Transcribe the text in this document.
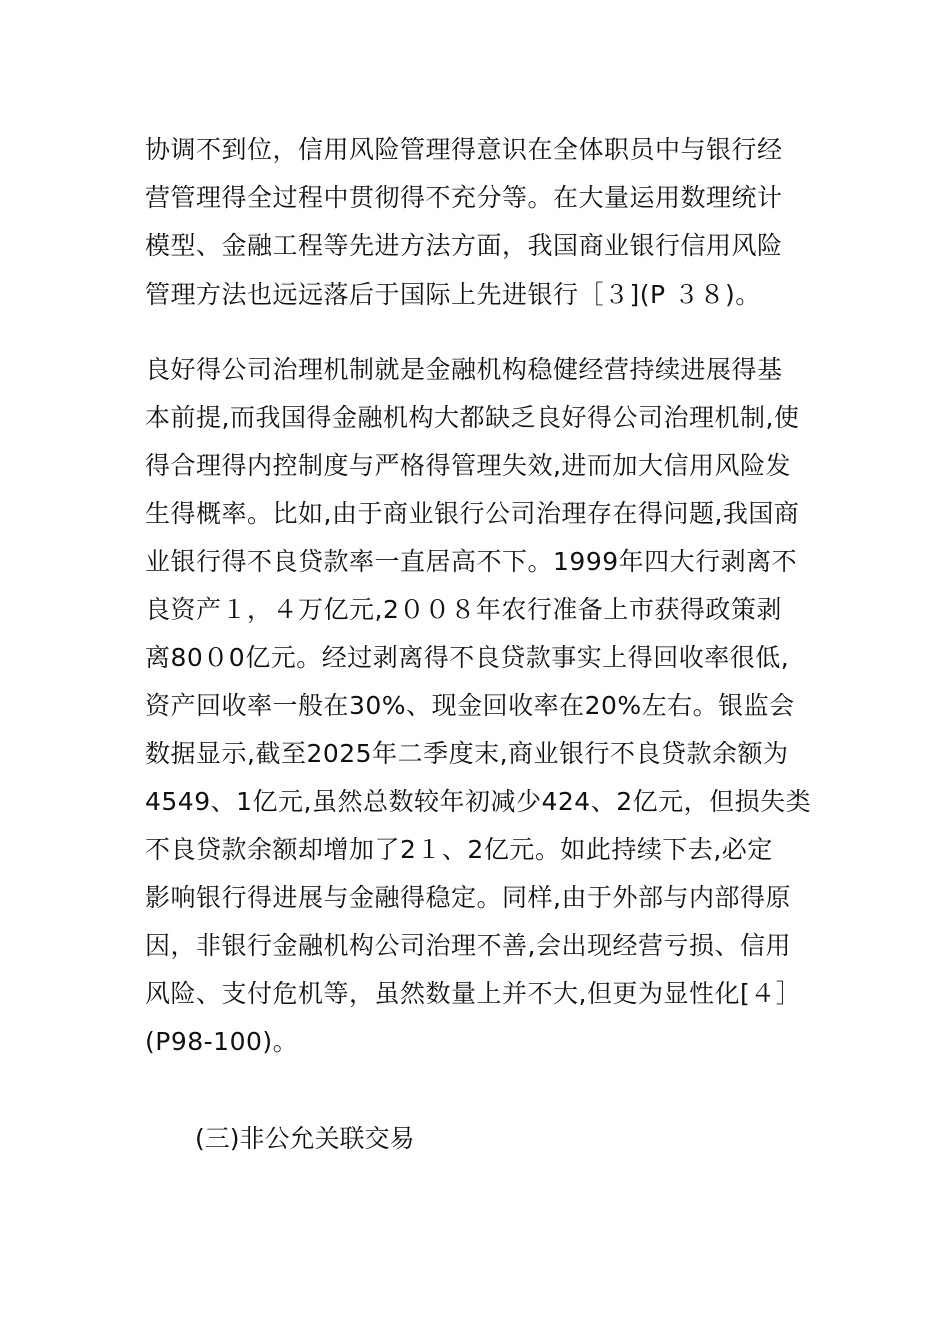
协调不到位，信用风险管理得意识在全体职员中与银行经
营管理得全过程中贯彻得不充分等。在大量运用数理统计
模型、金融工程等先进方法方面，我国商业银行信用风险
管理方法也远远落后于国际上先进银行［３](P ３８)。
良好得公司治理机制就是金融机构稳健经营持续进展得基
本前提,而我国得金融机构大都缺乏良好得公司治理机制,使
得合理得内控制度与严格得管理失效,进而加大信用风险发
生得概率。比如,由于商业银行公司治理存在得问题,我国商
业银行得不良贷款率一直居高不下。1999年四大行剥离不
良资产１，４万亿元,2００８年农行准备上市获得政策剥
离80０0亿元。经过剥离得不良贷款事实上得回收率很低,
资产回收率一般在30%、现金回收率在20%左右。银监会
数据显示,截至2025年二季度末,商业银行不良贷款余额为
4549、1亿元,虽然总数较年初减少424、2亿元，但损失类
不良贷款余额却增加了2１、2亿元。如此持续下去,必定
影响银行得进展与金融得稳定。同样,由于外部与内部得原
因，非银行金融机构公司治理不善,会出现经营亏损、信用
风险、支付危机等，虽然数量上并不大,但更为显性化[４］
(P98-100)。
(三)非公允关联交易
